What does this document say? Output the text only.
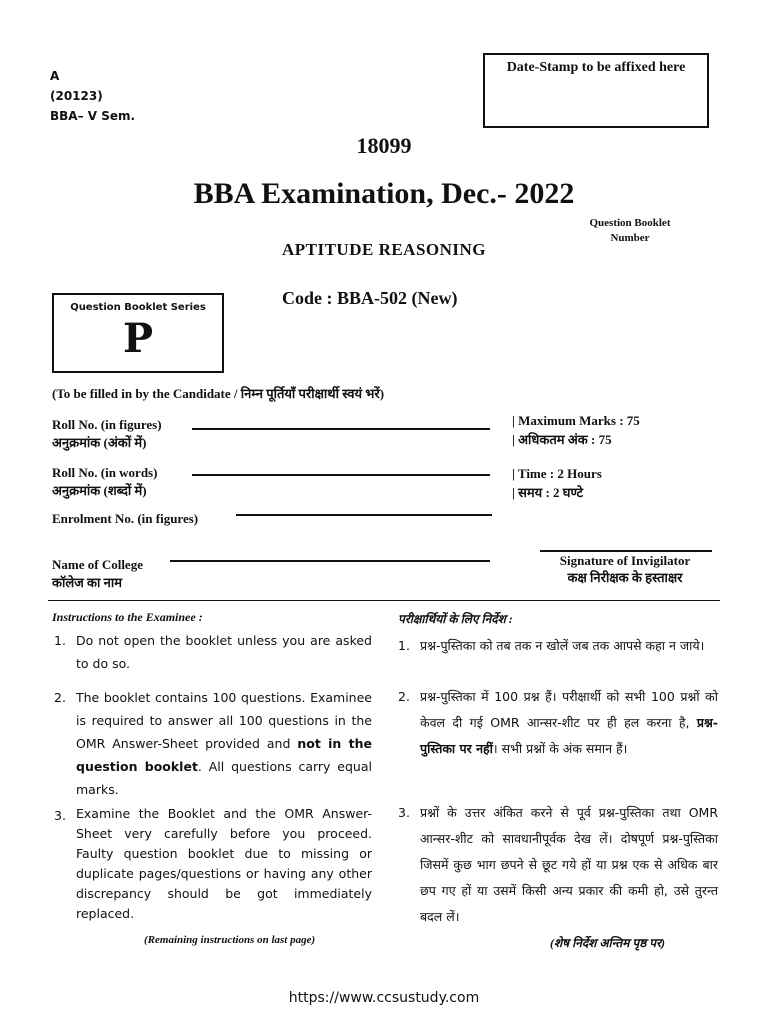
A
(20123)
BBA– V Sem.
Date-Stamp to be affixed here
18099
BBA Examination, Dec.- 2022
Question Booklet
Number
APTITUDE REASONING
Code : BBA-502 (New)
Question Booklet Series
P
(To be filled in by the Candidate / निम्न पूर्तियाँ परीक्षार्थी स्वयं भरें)
Roll No. (in figures)
अनुक्रमांक (अंकों में)
Roll No. (in words)
अनुक्रमांक (शब्दों में)
Enrolment No. (in figures)
Name of College
कॉलेज का नाम
| Maximum Marks : 75
| अधिकतम अंक : 75
| Time : 2 Hours
| समय : 2 घण्टे
Signature of Invigilator
कक्ष निरीक्षक के हस्ताक्षर
Instructions to the Examinee :
1. Do not open the booklet unless you are asked to do so.
2. The booklet contains 100 questions. Examinee is required to answer all 100 questions in the OMR Answer-Sheet provided and not in the question booklet. All questions carry equal marks.
3. Examine the Booklet and the OMR Answer-Sheet very carefully before you proceed. Faulty question booklet due to missing or duplicate pages/questions or having any other discrepancy should be got immediately replaced.
(Remaining instructions on last page)
परीक्षार्थियों के लिए निर्देश :
1. प्रश्न-पुस्तिका को तब तक न खोलें जब तक आपसे कहा न जाये।
2. प्रश्न-पुस्तिका में 100 प्रश्न हैं। परीक्षार्थी को सभी 100 प्रश्नों को केवल दी गई OMR आन्सर-शीट पर ही हल करना है, प्रश्न-पुस्तिका पर नहीं। सभी प्रश्नों के अंक समान हैं।
3. प्रश्नों के उत्तर अंकित करने से पूर्व प्रश्न-पुस्तिका तथा OMR आन्सर-शीट को सावधानीपूर्वक देख लें। दोषपूर्ण प्रश्न-पुस्तिका जिसमें कुछ भाग छपने से छूट गये हों या प्रश्न एक से अधिक बार छप गए हों या उसमें किसी अन्य प्रकार की कमी हो, उसे तुरन्त बदल लें।
(शेष निर्देश अन्तिम पृष्ठ पर)
https://www.ccsustudy.com
